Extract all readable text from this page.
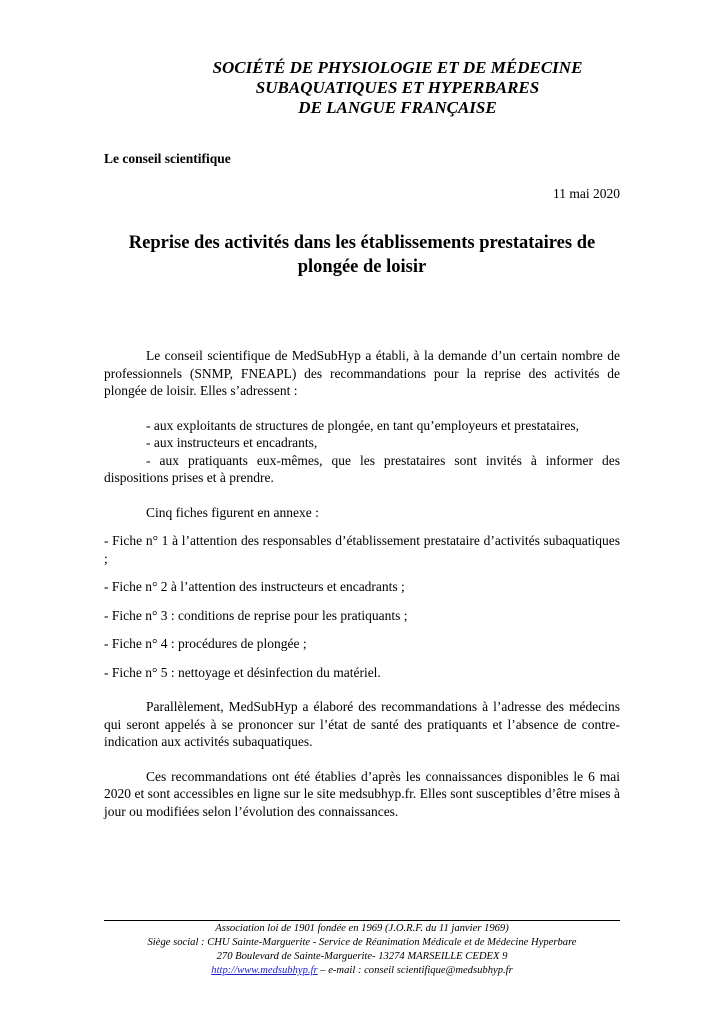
SOCIÉTÉ DE PHYSIOLOGIE ET DE MÉDECINE
SUBAQUATIQUES ET HYPERBARES
DE LANGUE FRANÇAISE
Le conseil scientifique
11 mai 2020
Reprise des activités dans les établissements prestataires de
plongée de loisir

Le conseil scientifique de MedSubHyp a établi, à la demande d’un certain nombre de professionnels (SNMP, FNEAPL) des recommandations pour la reprise des activités de plongée de loisir. Elles s’adressent :

- aux exploitants de structures de plongée, en tant qu’employeurs et prestataires,

- aux instructeurs et encadrants,

- aux pratiquants eux-mêmes, que les prestataires sont invités à informer des dispositions prises et à prendre.

Cinq fiches figurent en annexe :

- Fiche n° 1 à l’attention des responsables d’établissement prestataire d’activités subaquatiques ;

- Fiche n° 2 à l’attention des instructeurs et encadrants ;

- Fiche n° 3 : conditions de reprise pour les pratiquants ;

- Fiche n° 4 : procédures de plongée ;

- Fiche n° 5 : nettoyage et désinfection du matériel.

Parallèlement, MedSubHyp a élaboré des recommandations à l’adresse des médecins qui seront appelés à se prononcer sur l’état de santé des pratiquants et l’absence de contre-indication aux activités subaquatiques.

Ces recommandations ont été établies d’après les connaissances disponibles le 6 mai 2020 et sont accessibles en ligne sur le site medsubhyp.fr. Elles sont susceptibles d’être mises à jour ou modifiées selon l’évolution des connaissances.

Association loi de 1901 fondée en 1969 (J.O.R.F. du 11 janvier 1969)
Siège social : CHU Sainte-Marguerite - Service de Réanimation Médicale et de Médecine Hyperbare
270 Boulevard de Sainte-Marguerite- 13274 MARSEILLE CEDEX 9
http://www.medsubhyp.fr – e-mail : conseil scientifique@medsubhyp.fr
